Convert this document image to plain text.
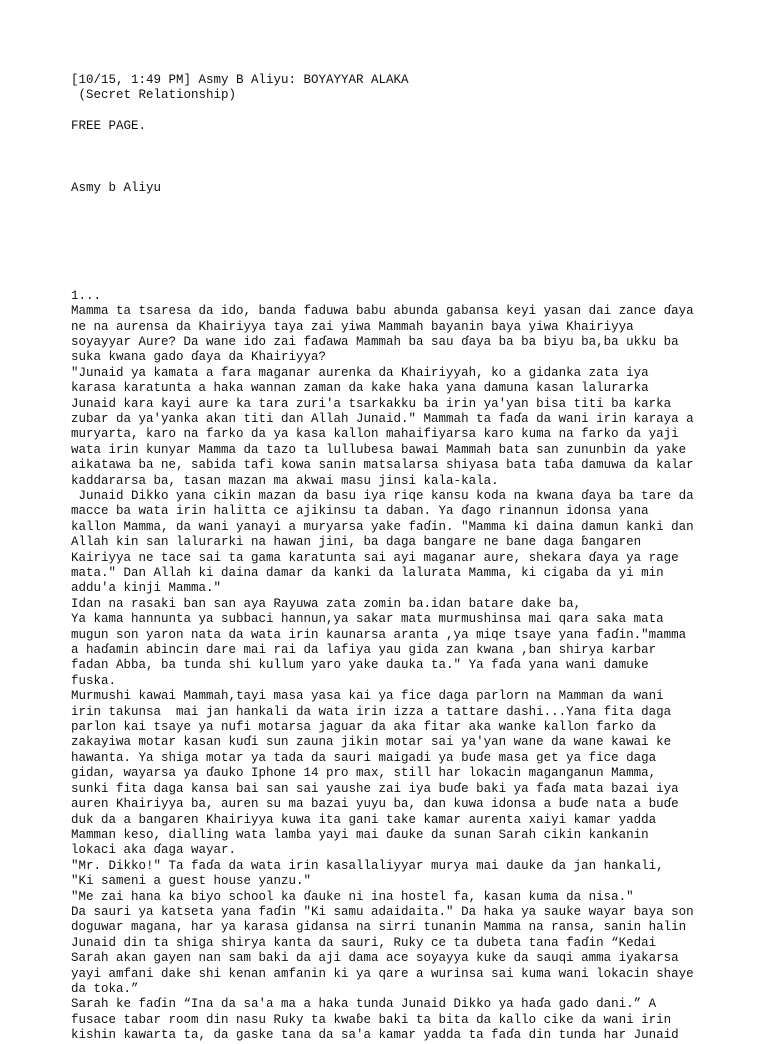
[10/15, 1:49 PM] Asmy B Aliyu: BOYAYYAR ALAKA
(Secret Relationship)

FREE PAGE.

Asmy b Aliyu

1...
Mamma ta tsaresa da ido, banda faduwa babu abunda gabansa keyi yasan dai zance ɗaya
ne na aurensa da Khairiyya taya zai yiwa Mammah bayanin baya yiwa Khairiyya
soyayyar Aure? Da wane ido zai faɗawa Mammah ba sau ɗaya ba ba biyu ba,ba ukku ba
suka kwana gado ɗaya da Khairiyya?
"Junaid ya kamata a fara maganar aurenka da Khairiyyah, ko a gidanka zata iya
karasa karatunta a haka wannan zaman da kake haka yana damuna kasan lalurarka
Junaid kara kayi aure ka tara zuri'a tsarkakku ba irin ya'yan bisa titi ba karka
zubar da ya'yanka akan titi dan Allah Junaid." Mammah ta faɗa da wani irin karaya a
muryarta, karo na farko da ya kasa kallon mahaifiyarsa karo kuma na farko da yaji
wata irin kunyar Mamma da tazo ta lullubesa bawai Mammah bata san zununbin da yake
aikatawa ba ne, sabida tafi kowa sanin matsalarsa shiyasa bata taɓa damuwa da kalar
kaddararsa ba, tasan mazan ma akwai masu jinsi kala-kala.
Junaid Dikko yana cikin mazan da basu iya riqe kansu koda na kwana ɗaya ba tare da
macce ba wata irin halitta ce ajikinsu ta daban. Ya ɗago rinannun idonsa yana
kallon Mamma, da wani yanayi a muryarsa yake faɗin. "Mamma ki daina damun kanki dan
Allah kin san lalurarki na hawan jini, ba daga bangare ne bane daga ɓangaren
Kairiyya ne tace sai ta gama karatunta sai ayi maganar aure, shekara ɗaya ya rage
mata." Dan Allah ki daina damar da kanki da lalurata Mamma, ki cigaba da yi min
addu'a kinji Mamma."
Idan na rasaki ban san aya Rayuwa zata zomin ba.idan batare dake ba,
Ya kama hannunta ya subbaci hannun,ya sakar mata murmushinsa mai qara saka mata
mugun son yaron nata da wata irin kaunarsa aranta ,ya miqe tsaye yana faɗin."mamma
a haɗamin abincin dare mai rai da lafiya yau gida zan kwana ,ban shirya karbar
fadan Abba, ba tunda shi kullum yaro yake dauka ta." Ya faɗa yana wani damuke
fuska.
Murmushi kawai Mammah,tayi masa yasa kai ya fice daga parlorn na Mamman da wani
irin takunsa  mai jan hankali da wata irin izza a tattare dashi...Yana fita daga
parlon kai tsaye ya nufi motarsa jaguar da aka fitar aka wanke kallon farko da
zakayiwa motar kasan kuɗi sun zauna jikin motar sai ya'yan wane da wane kawai ke
hawanta. Ya shiga motar ya tada da sauri maigadi ya buɗe masa get ya fice daga
gidan, wayarsa ya ɗauko Iphone 14 pro max, still har lokacin maganganun Mamma,
sunki fita daga kansa bai san sai yaushe zai iya buɗe baki ya faɗa mata bazai iya
auren Khairiyya ba, auren su ma bazai yuyu ba, dan kuwa idonsa a buɗe nata a buɗe
duk da a bangaren Khairiyya kuwa ita gani take kamar aurenta xaiyi kamar yadda
Mamman keso, dialling wata lamba yayi mai ɗauke da sunan Sarah cikin kankanin
lokaci aka ɗaga wayar.
"Mr. Dikko!" Ta faɗa da wata irin kasallaliyyar murya mai dauke da jan hankali,
"Ki sameni a guest house yanzu."
"Me zai hana ka biyo school ka ɗauke ni ina hostel fa, kasan kuma da nisa."
Da sauri ya katseta yana faɗin "Ki samu adaidaita." Da haka ya sauke wayar baya son
doguwar magana, har ya karasa gidansa na sirri tunanin Mamma na ransa, sanin halin
Junaid din ta shiga shirya kanta da sauri, Ruky ce ta dubeta tana faɗin “Kedai
Sarah akan gayen nan sam baki da aji dama ace soyayya kuke da sauqi amma iyakarsa
yayi amfani dake shi kenan amfanin ki ya qare a wurinsa sai kuma wani lokacin shaye
da toka.”
Sarah ke faɗin “Ina da sa'a ma a haka tunda Junaid Dikko ya haɗa gado dani.” A
fusace tabar room din nasu Ruky ta kwaɓe baki ta bita da kallo cike da wani irin
kishin kawarta ta, da gaske tana da sa'a kamar yadda ta faɗa din tunda har Junaid
